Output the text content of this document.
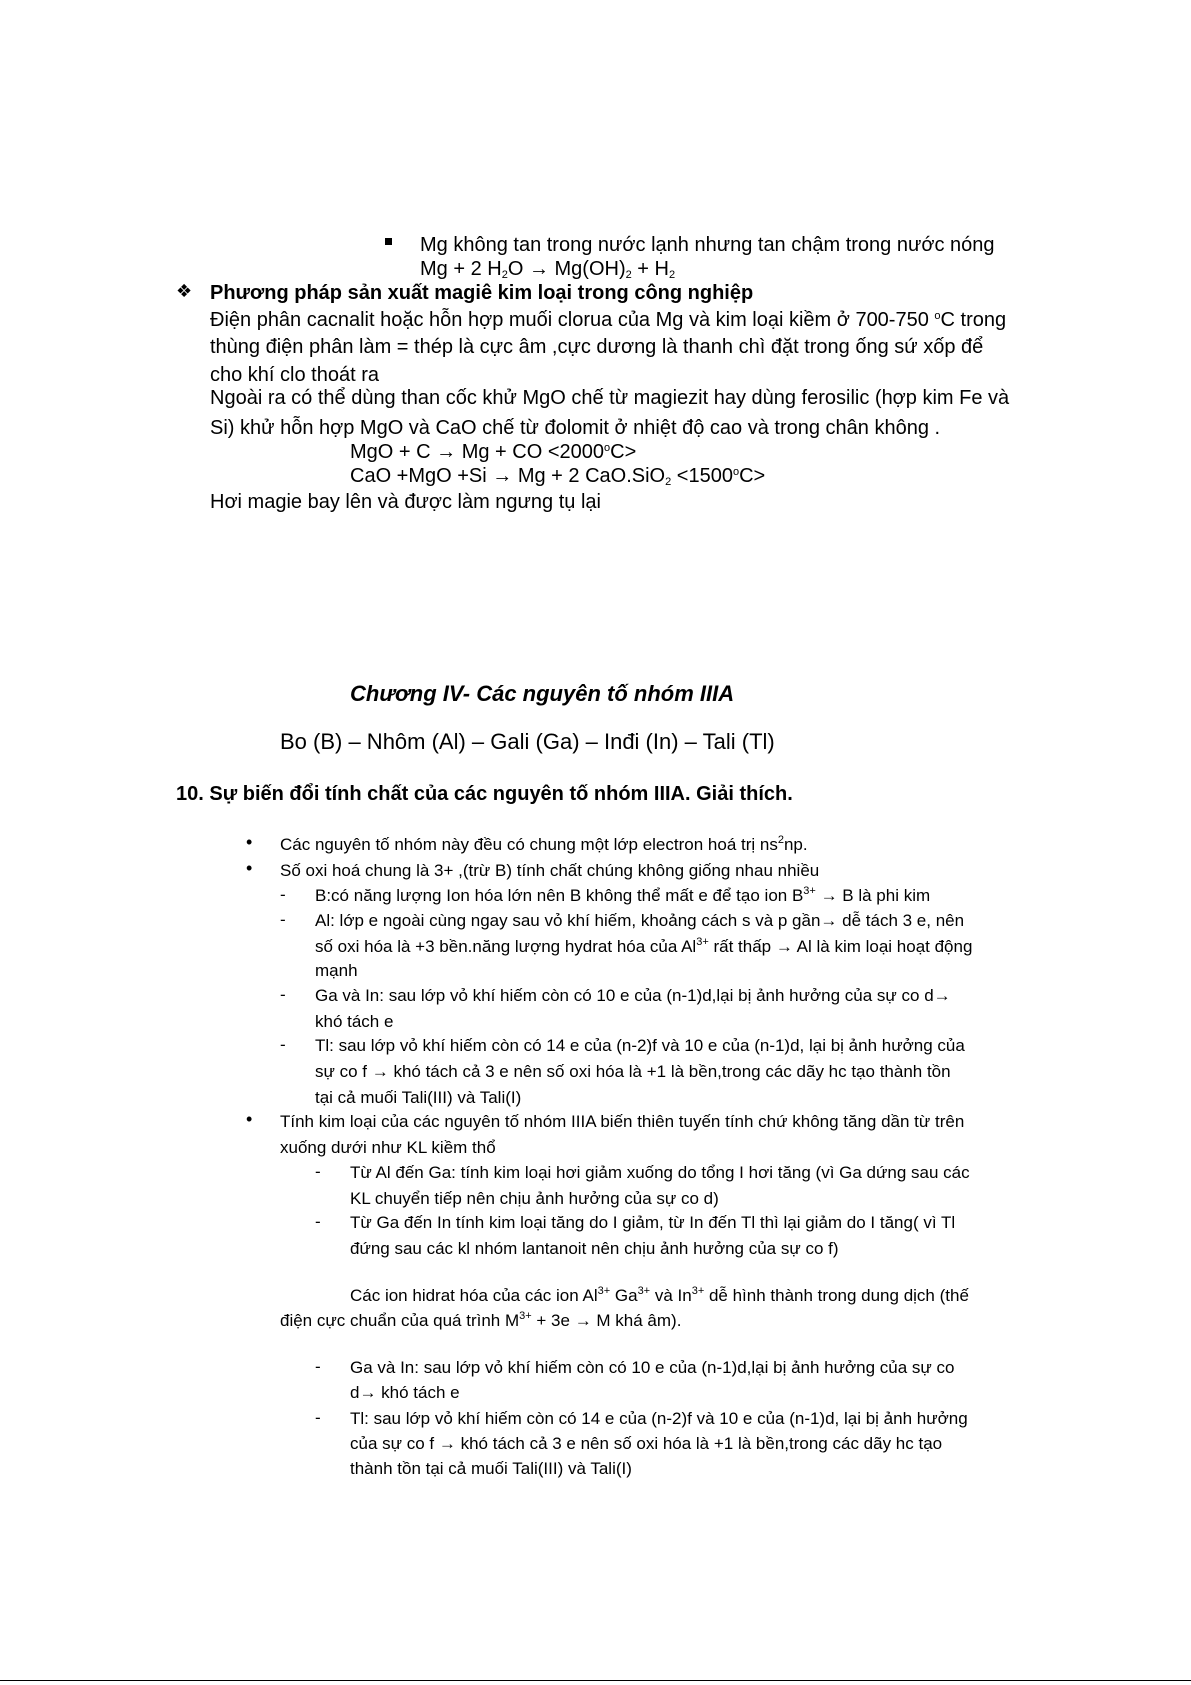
Mg không tan trong nước lạnh nhưng tan chậm trong nước nóng
Mg + 2 $H_2O \to Mg(OH)_2 + H_2$
❖ Phương pháp sản xuất magiê kim loại trong công nghiệp
Điện phân cacnalit hoặc hỗn hợp muối clorua của Mg và kim loại kiềm ở 700-750 $^o$C trong
thùng điện phân làm = thép là cực âm ,cực dương là thanh chì đặt trong ống sứ xốp để
cho khí clo thoát ra
Ngoài ra có thể dùng than cốc khử MgO chế từ magiezit hay dùng ferosilic (hợp kim Fe và
Si) khử hỗn hợp MgO và CaO chế từ đolomit ở nhiệt độ cao và trong chân không .
MgO + C → Mg + CO $<2000^oC>$
CaO +MgO +Si → Mg + 2 $CaO.SiO_2 <1500^oC>$
Hơi magie bay lên và được làm ngưng tụ lại
Chương IV- Các nguyên tố nhóm IIIA
Bo (B) – Nhôm (Al) – Gali (Ga) – Inđi (In) – Tali (Tl)
10. Sự biến đổi tính chất của các nguyên tố nhóm IIIA. Giải thích.
• Các nguyên tố nhóm này đều có chung một lớp electron hoá trị $ns^2np$.
• Số oxi hoá chung là 3+ ,(trừ B) tính chất chúng không giống nhau nhiều
- B:có năng lượng Ion hóa lớn nên B không thể mất e để tạo ion $B^{3+} \to B$ là phi kim
- Al: lớp e ngoài cùng ngay sau vỏ khí hiếm, khoảng cách s và p gần→ dễ tách 3 e, nên
số oxi hóa là +3 bền.năng lượng hydrat hóa của $Al^{3+}$ rất thấp → Al là kim loại hoạt động
mạnh
- Ga và In: sau lớp vỏ khí hiếm còn có 10 e của (n-1)d,lại bị ảnh hưởng của sự co d→
khó tách e
- Tl: sau lớp vỏ khí hiếm còn có 14 e của (n-2)f và 10 e của (n-1)d, lại bị ảnh hưởng của
sự co f → khó tách cả 3 e nên số oxi hóa là +1 là bền,trong các dãy hc tạo thành tồn
tại cả muối Tali(III) và Tali(I)
• Tính kim loại của các nguyên tố nhóm IIIA biến thiên tuyến tính chứ không tăng dần từ trên
xuống dưới như KL kiềm thổ
- Từ Al đến Ga: tính kim loại hơi giảm xuống do tổng I hơi tăng (vì Ga dứng sau các
KL chuyển tiếp nên chịu ảnh hưởng của sự co d)
- Từ Ga đến In tính kim loại tăng do I giảm, từ In đến Tl thì lại giảm do I tăng( vì Tl
đứng sau các kl nhóm lantanoit nên chịu ảnh hưởng của sự co f)
Các ion hidrat hóa của các ion $Al^{3+}$ $Ga^{3+}$ và $In^{3+}$ dễ hình thành trong dung dịch (thế
điện cực chuẩn của quá trình $M^{3+} + 3e \to M$ khá âm).
- Ga và In: sau lớp vỏ khí hiếm còn có 10 e của (n-1)d,lại bị ảnh hưởng của sự co
d→ khó tách e
- Tl: sau lớp vỏ khí hiếm còn có 14 e của (n-2)f và 10 e của (n-1)d, lại bị ảnh hưởng
của sự co f → khó tách cả 3 e nên số oxi hóa là +1 là bền,trong các dãy hc tạo
thành tồn tại cả muối Tali(III) và Tali(I)
